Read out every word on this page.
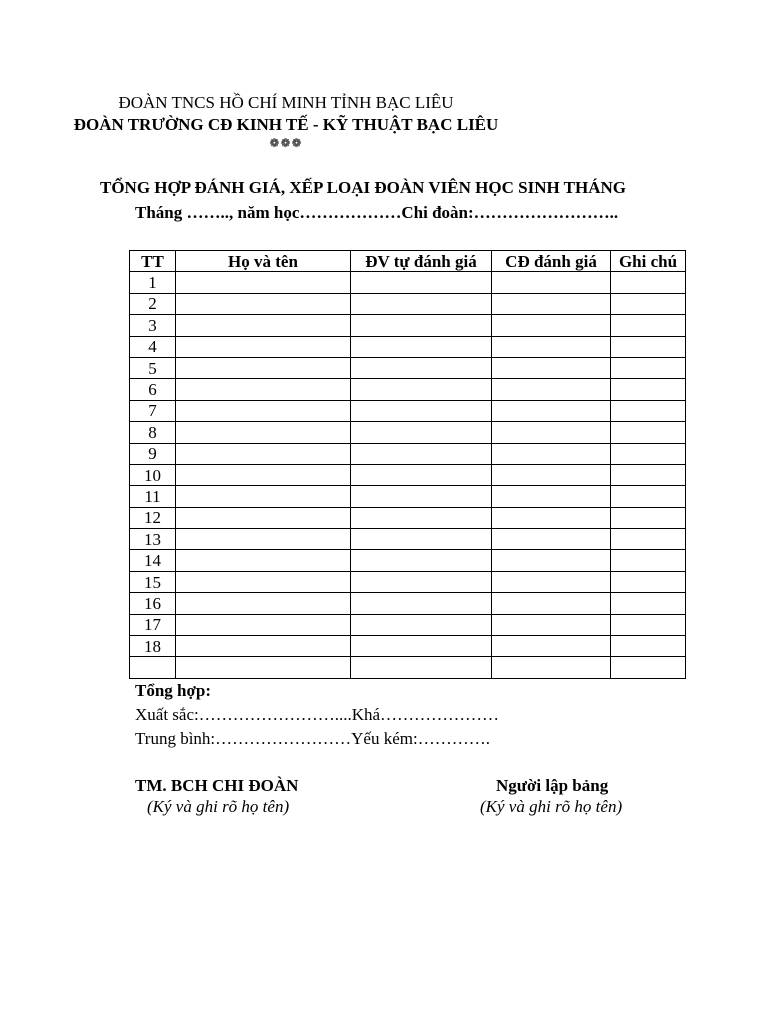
ĐOÀN TNCS HỒ CHÍ MINH TỈNH BẠC LIÊU
ĐOÀN TRƯỜNG CĐ KINH TẾ - KỸ THUẬT BẠC LIÊU
❁❁❁
TỔNG HỢP ĐÁNH GIÁ, XẾP LOẠI ĐOÀN VIÊN HỌC SINH THÁNG
Tháng …….., năm học………………Chi đoàn:……………………..
TT	Họ và tên	ĐV tự đánh giá	CĐ đánh giá	Ghi chú
1				
2				
3				
4				
5				
6				
7				
8				
9				
10				
11				
12				
13				
14				
15				
16				
17				
18				

Tổng hợp:
Xuất sắc:……………………....Khá…………………
Trung bình:……………………Yếu kém:………….
TM. BCH CHI ĐOÀN
(Ký và ghi rõ họ tên)
Người lập bảng
(Ký và ghi rõ họ tên)
